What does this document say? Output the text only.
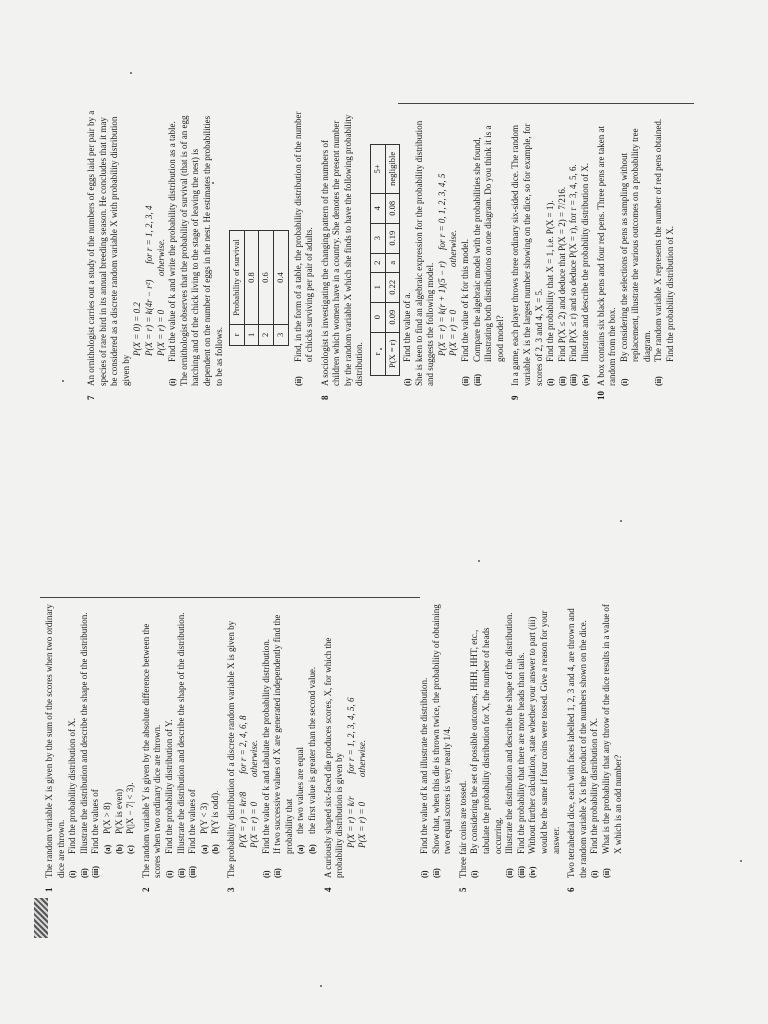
1
The random variable X is given by the sum of the scores when two ordinary dice are thrown. (i)
Find the probability distribution of X.
(ii)
Illustrate the distribution and describe the shape of the distribution.
(iii)
Find the values of (a)
P(X > 8)
(b)
P(X is even)
(c)
P(|X − 7| < 3).
2
The random variable Y is given by the absolute difference between the scores when two ordinary dice are thrown. (i)
Find the probability distribution of Y.
(ii)
Illustrate the distribution and describe the shape of the distribution.
(iii)
Find the values of (a)
P(Y < 3)
(b)
P(Y is odd).
3
The probability distribution of a discrete random variable X is given by P(X = r) = kr/8        for r = 2, 4, 6, 8 P(X = r) = 0           otherwise.
(i)
Find the value of k and tabulate the probability distribution.
(ii)
If two successive values of X are generated independently find the probability that (a)
the two values are equal
(b)
the first value is greater than the second value.
4
A curiously shaped six-faced die produces scores, X, for which the probability distribution is given by P(X = r) = k/r          for r = 1, 2, 3, 4, 5, 6 P(X = r) = 0           otherwise.
(i)
Find the value of k and illustrate the distribution.
(ii)
Show that, when this die is thrown twice, the probability of obtaining two equal scores is very nearly 1/4.
5
Three fair coins are tossed. (i)
By considering the set of possible outcomes, HHH, HHT, etc., tabulate the probability distribution for X, the number of heads occurring.
(ii)
Illustrate the distribution and describe the shape of the distribution.
(iii)
Find the probability that there are more heads than tails.
(iv)
Without further calculation, state whether your answer to part (iii) would be the same if four coins were tossed. Give a reason for your answer.
6
Two tetrahedral dice, each with faces labelled 1, 2, 3 and 4, are thrown and the random variable X is the product of the numbers shown on the dice. (i)
Find the probability distribution of X.
(ii)
What is the probability that any throw of the dice results in a value of X which is an odd number?
7
An ornithologist carries out a study of the numbers of eggs laid per pair by a species of rare bird in its annual breeding season. He concludes that it may be considered as a discrete random variable X with probability distribution given by
P(X = 0) = 0.2 P(X = r) = k(4r − r²)       for r = 1, 2, 3, 4 P(X = r) = 0               otherwise.
(i)
Find the value of k and write the probability distribution as a table. The ornithologist observes that the probability of survival (that is of an egg hatching and of the chick living to the stage of leaving the nest) is dependent on the number of eggs in the nest. He estimates the probabilities to be as follows. r	Probability of survival
1	0.8
2	0.6
3	0.4
(ii)
Find, in the form of a table, the probability distribution of the number of chicks surviving per pair of adults.
8
A sociologist is investigating the changing pattern of the numbers of children which women have in a country. She denotes the present number by the random variable X which she finds to have the following probability distribution. r	0	1	2	3	4	5+
P(X = r)	0.09	0.22	a	0.19	0.08	negligible
(i)
Find the value of a. She is keen to find an algebraic expression for the probability distribution and suggests the following model. P(X = r) = k(r + 1)(5 − r)     for r = 0, 1, 2, 3, 4, 5 P(X = r) = 0                   otherwise.
(ii)
Find the value of k for this model.
(iii)
Compare the algebraic model with the probabilities she found, illustrating both distributions on one diagram. Do you think it is a good model?
9
In a game, each player throws three ordinary six-sided dice. The random variable X is the largest number showing on the dice, so for example, for scores of 2, 3 and 4, X = 5. (i)
Find the probability that X = 1, i.e. P(X = 1).
(ii)
Find P(X ≤ 2) and deduce that P(X = 2) = 7/216.
(iii)
Find P(X ≤ r) and so deduce P(X = r), for r = 3, 4, 5, 6.
(iv)
Illustrate and describe the probability distribution of X.
10
A box contains six black pens and four red pens. Three pens are taken at random from the box. (i)
By considering the selections of pens as sampling without replacement, illustrate the various outcomes on a probability tree diagram.
(ii)
The random variable X represents the number of red pens obtained. Find the probability distribution of X.
